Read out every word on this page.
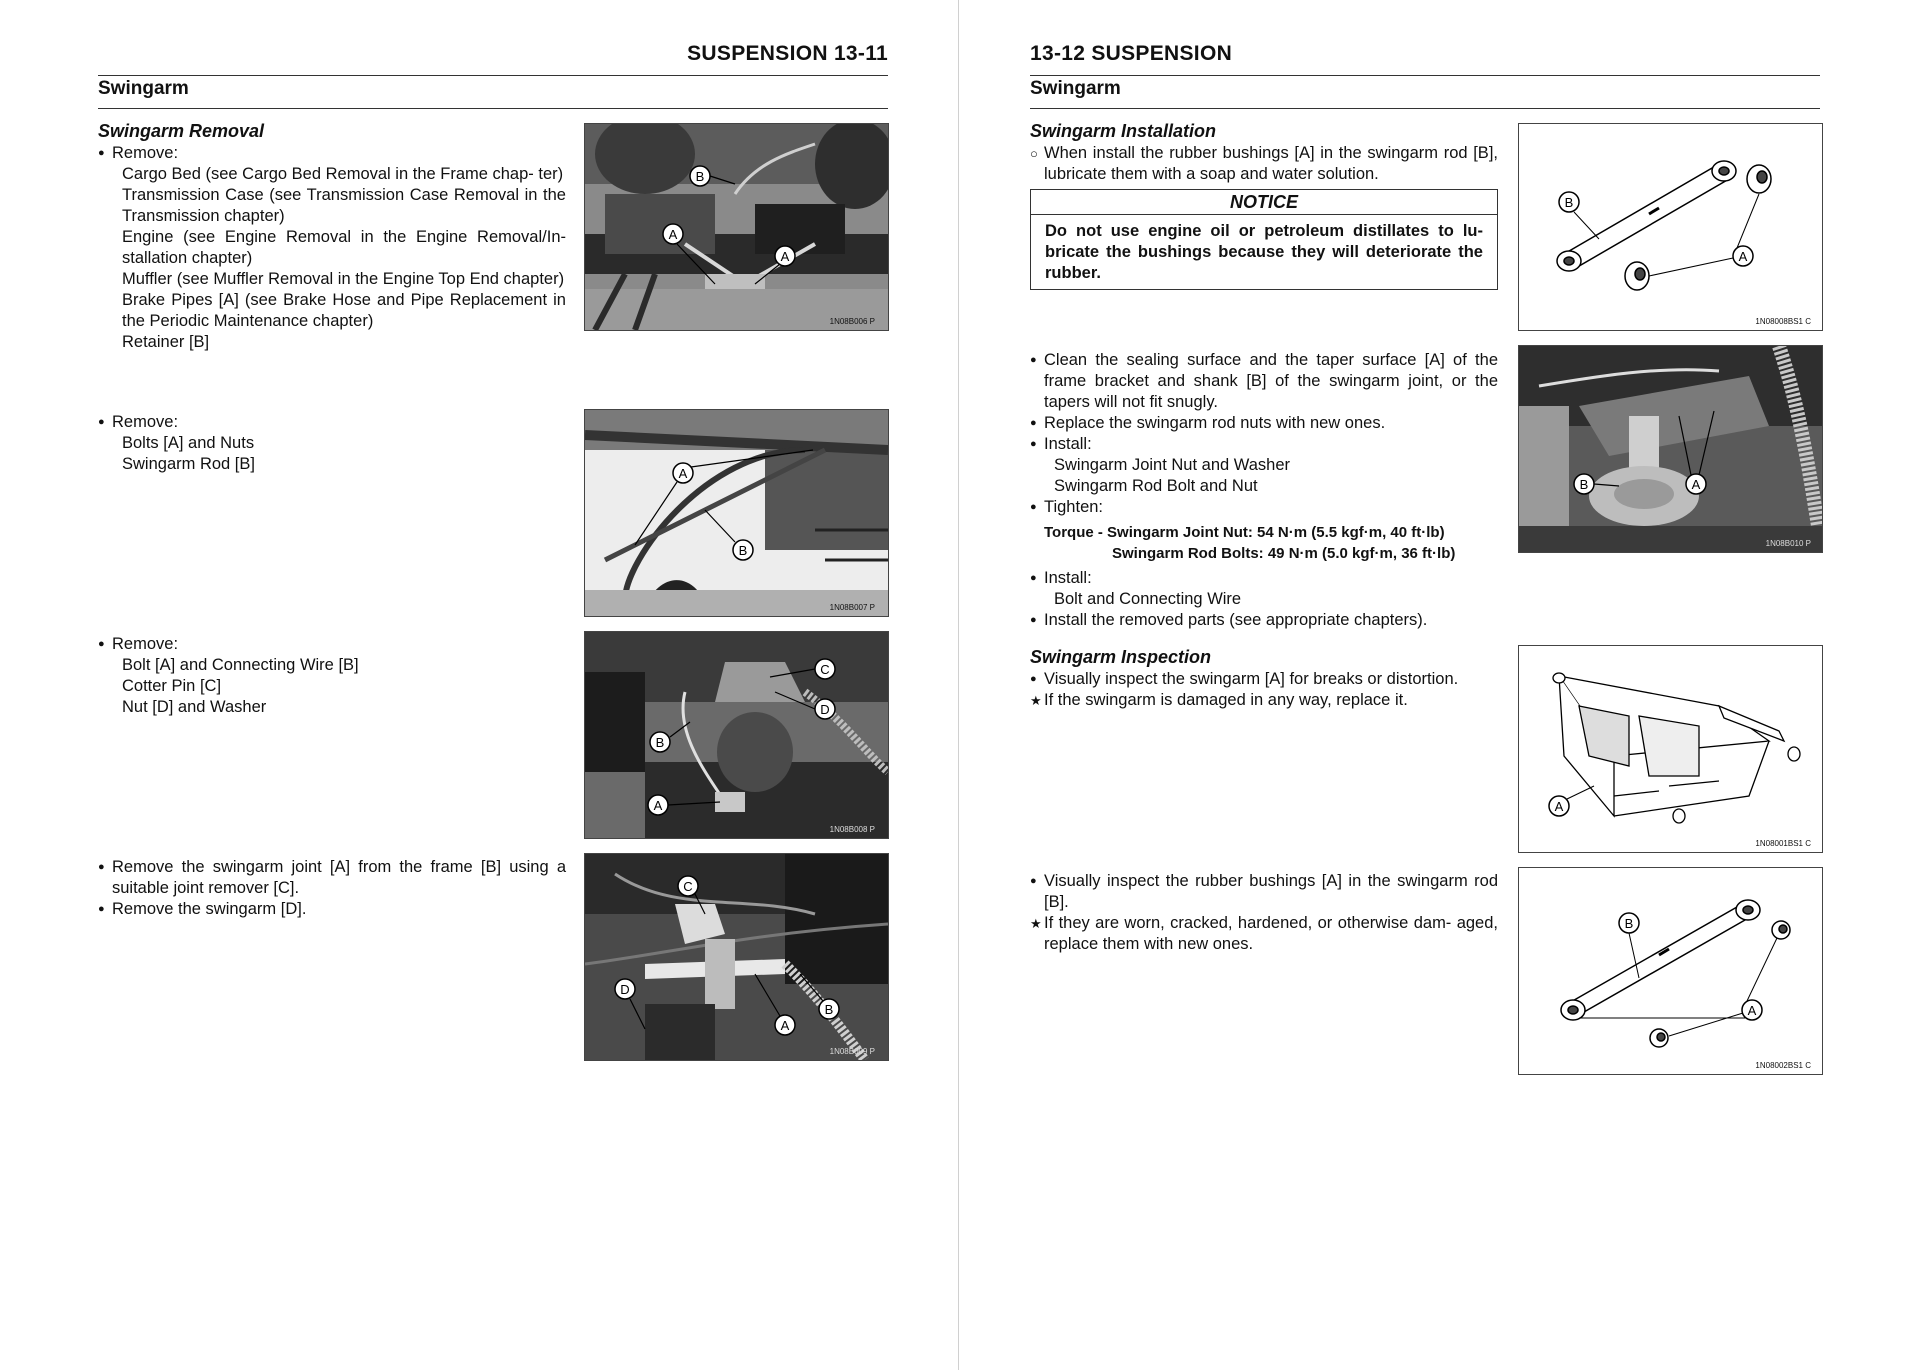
SUSPENSION 13-11
Swingarm
Swingarm Removal
● Remove:
Cargo Bed (see Cargo Bed Removal in the Frame chap- ter)
Transmission Case (see Transmission Case Removal in the Transmission chapter)
Engine (see Engine Removal in the Engine Removal/In- stallation chapter)
Muffler (see Muffler Removal in the Engine Top End chapter)
Brake Pipes [A] (see Brake Hose and Pipe Replacement in the Periodic Maintenance chapter)
Retainer [B]
● Remove:
Bolts [A] and Nuts
Swingarm Rod [B]
● Remove:
Bolt [A] and Connecting Wire [B]
Cotter Pin [C]
Nut [D] and Washer
● Remove the swingarm joint [A] from the frame [B] using a suitable joint remover [C].
● Remove the swingarm [D].
B
A
A
1N08B006 P
A
B
1N08B007 P
C
D
B
A
1N08B008 P
C
D
A
B
1N08B009 P
13-12 SUSPENSION
Swingarm
Swingarm Installation
○ When install the rubber bushings [A] in the swingarm rod [B], lubricate them with a soap and water solution.
NOTICE
Do not use engine oil or petroleum distillates to lu- bricate the bushings because they will deteriorate the rubber.
● Clean the sealing surface and the taper surface [A] of the frame bracket and shank [B] of the swingarm joint, or the tapers will not fit snugly.
● Replace the swingarm rod nuts with new ones.
● Install:
Swingarm Joint Nut and Washer
Swingarm Rod Bolt and Nut
● Tighten:
Torque - Swingarm Joint Nut: 54 N·m (5.5 kgf·m, 40 ft·lb)
Swingarm Rod Bolts: 49 N·m (5.0 kgf·m, 36 ft·lb)
● Install:
Bolt and Connecting Wire
● Install the removed parts (see appropriate chapters).
Swingarm Inspection
● Visually inspect the swingarm [A] for breaks or distortion.
★ If the swingarm is damaged in any way, replace it.
● Visually inspect the rubber bushings [A] in the swingarm rod [B].
★ If they are worn, cracked, hardened, or otherwise dam- aged, replace them with new ones.
B
A
1N08008BS1 C
B	A
1N08B010 P
A
1N08001BS1 C
B
A
1N08002BS1 C
